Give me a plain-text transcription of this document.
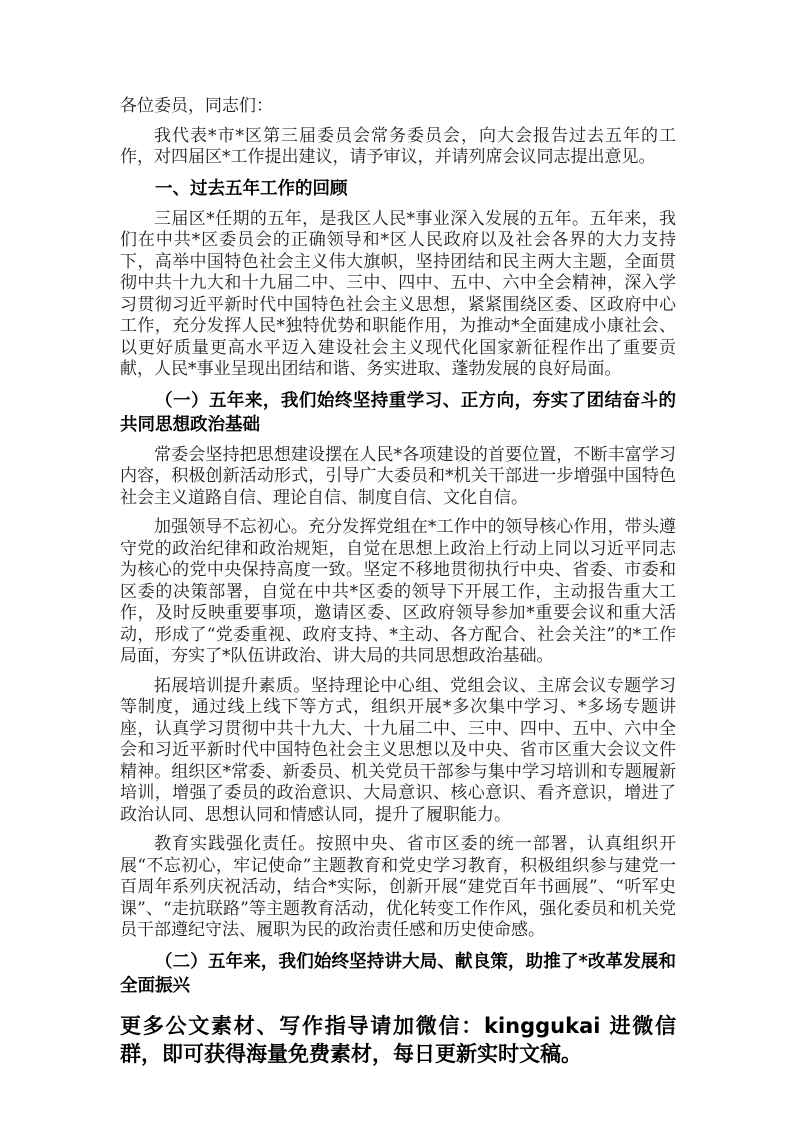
各位委员，同志们：

我代表*市*区第三届委员会常务委员会，向大会报告过去五年的工作，对四届区*工作提出建议，请予审议，并请列席会议同志提出意见。

一、过去五年工作的回顾

三届区*任期的五年，是我区人民*事业深入发展的五年。五年来，我们在中共*区委员会的正确领导和*区人民政府以及社会各界的大力支持下，高举中国特色社会主义伟大旗帜，坚持团结和民主两大主题，全面贯彻中共十九大和十九届二中、三中、四中、五中、六中全会精神，深入学习贯彻习近平新时代中国特色社会主义思想，紧紧围绕区委、区政府中心工作，充分发挥人民*独特优势和职能作用，为推动*全面建成小康社会、以更好质量更高水平迈入建设社会主义现代化国家新征程作出了重要贡献，人民*事业呈现出团结和谐、务实进取、蓬勃发展的良好局面。

（一）五年来，我们始终坚持重学习、正方向，夯实了团结奋斗的共同思想政治基础

常委会坚持把思想建设摆在人民*各项建设的首要位置，不断丰富学习内容，积极创新活动形式，引导广大委员和*机关干部进一步增强中国特色社会主义道路自信、理论自信、制度自信、文化自信。

加强领导不忘初心。充分发挥党组在*工作中的领导核心作用，带头遵守党的政治纪律和政治规矩，自觉在思想上政治上行动上同以习近平同志为核心的党中央保持高度一致。坚定不移地贯彻执行中央、省委、市委和区委的决策部署，自觉在中共*区委的领导下开展工作，主动报告重大工作，及时反映重要事项，邀请区委、区政府领导参加*重要会议和重大活动，形成了“党委重视、政府支持、*主动、各方配合、社会关注”的*工作局面，夯实了*队伍讲政治、讲大局的共同思想政治基础。

拓展培训提升素质。坚持理论中心组、党组会议、主席会议专题学习等制度，通过线上线下等方式，组织开展*多次集中学习、*多场专题讲座，认真学习贯彻中共十九大、十九届二中、三中、四中、五中、六中全会和习近平新时代中国特色社会主义思想以及中央、省市区重大会议文件精神。组织区*常委、新委员、机关党员干部参与集中学习培训和专题履新培训，增强了委员的政治意识、大局意识、核心意识、看齐意识，增进了政治认同、思想认同和情感认同，提升了履职能力。

教育实践强化责任。按照中央、省市区委的统一部署，认真组织开展“不忘初心，牢记使命”主题教育和党史学习教育，积极组织参与建党一百周年系列庆祝活动，结合*实际，创新开展“建党百年书画展”、“听军史课”、“走抗联路”等主题教育活动，优化转变工作作风，强化委员和机关党员干部遵纪守法、履职为民的政治责任感和历史使命感。

（二）五年来，我们始终坚持讲大局、献良策，助推了*改革发展和全面振兴

更多公文素材、写作指导请加微信：kinggukai 进微信群，即可获得海量免费素材，每日更新实时文稿。
